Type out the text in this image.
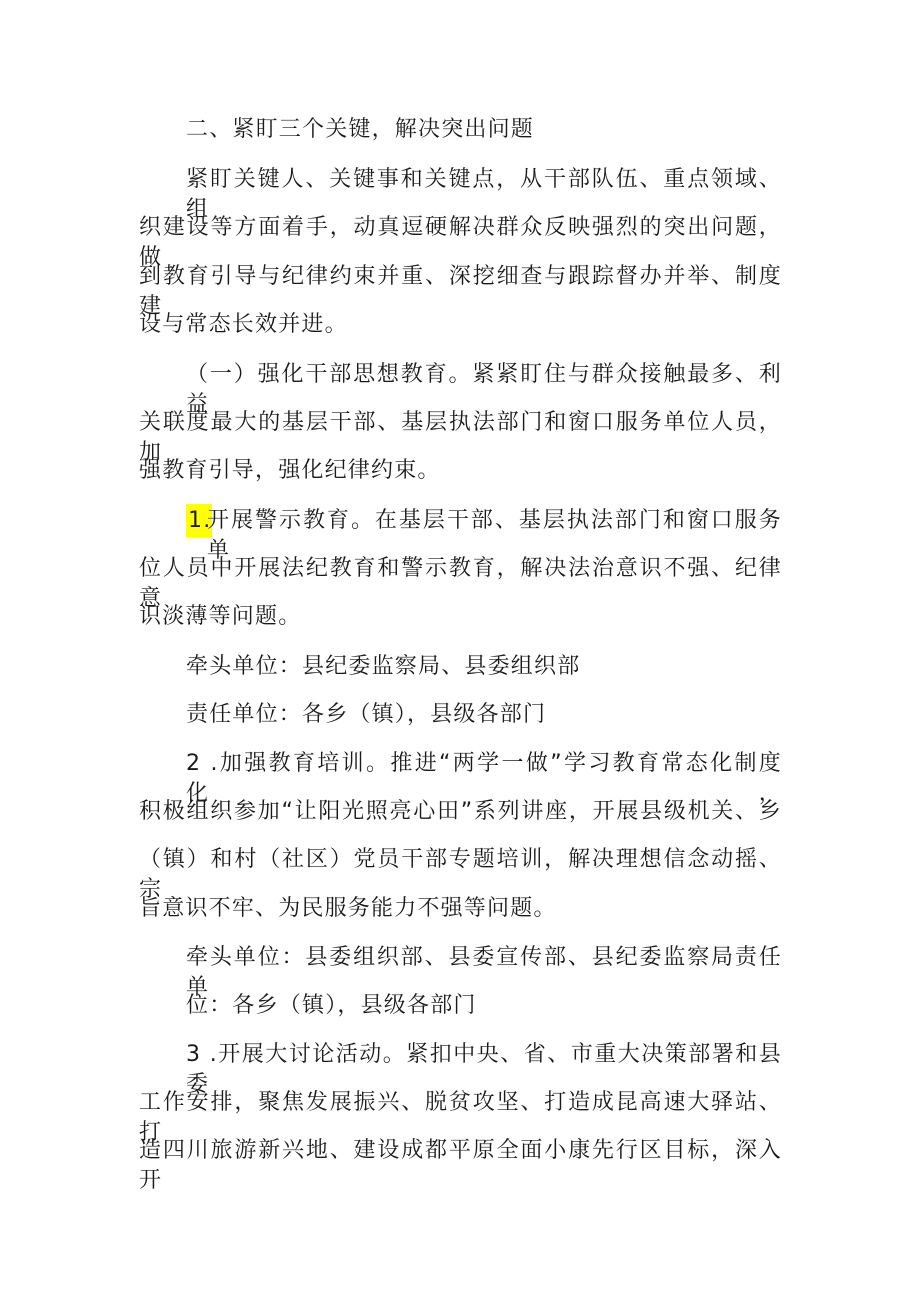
二、紧盯三个关键，解决突出问题
紧盯关键人、关键事和关键点，从干部队伍、重点领域、组
织建设等方面着手，动真逗硬解决群众反映强烈的突出问题，做
到教育引导与纪律约束并重、深挖细查与跟踪督办并举、制度建
设与常态长效并进。
（一）强化干部思想教育。紧紧盯住与群众接触最多、利益
关联度最大的基层干部、基层执法部门和窗口服务单位人员，加
强教育引导，强化纪律约束。
1.
开展警示教育。在基层干部、基层执法部门和窗口服务单
位人员中开展法纪教育和警示教育，解决法治意识不强、纪律意
识淡薄等问题。
牵头单位：县纪委监察局、县委组织部
责任单位：各乡（镇），县级各部门
2 .加强教育培训。推进“两学一做”学习教育常态化制度化，
积极组织参加“让阳光照亮心田”系列讲座，开展县级机关、乡
（镇）和村（社区）党员干部专题培训，解决理想信念动摇、宗
旨意识不牢、为民服务能力不强等问题。
牵头单位：县委组织部、县委宣传部、县纪委监察局责任单
位：各乡（镇），县级各部门
3 .开展大讨论活动。紧扣中央、省、市重大决策部署和县委
工作安排，聚焦发展振兴、脱贫攻坚、打造成昆高速大驿站、打
造四川旅游新兴地、建设成都平原全面小康先行区目标，深入开
